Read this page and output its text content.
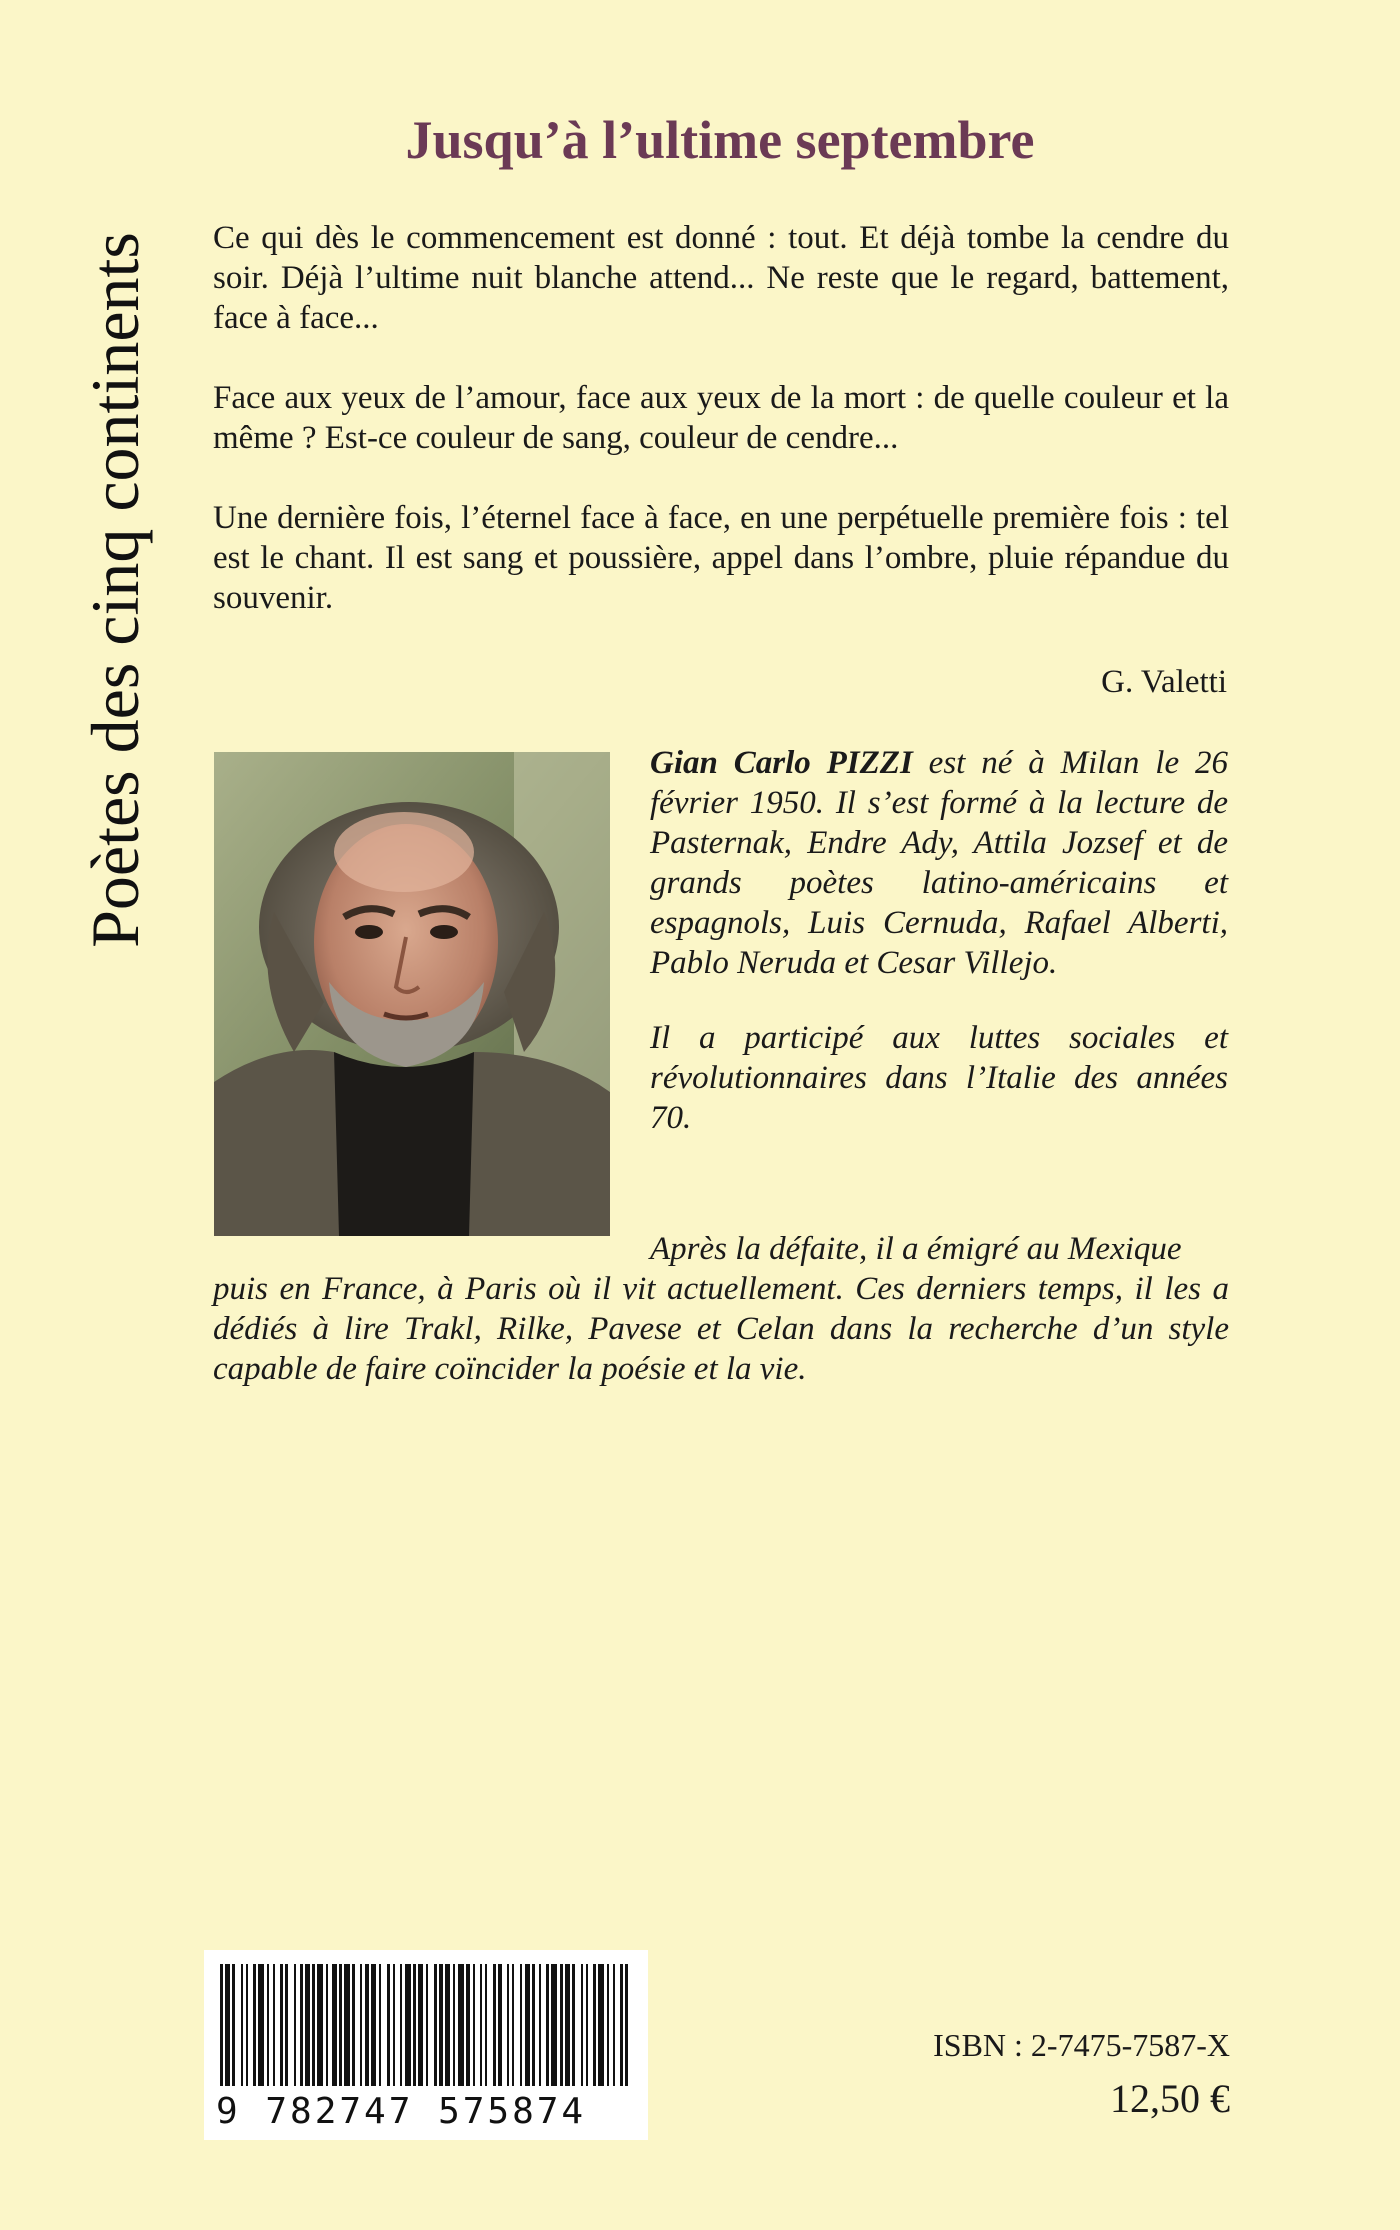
Poètes des cinq continents
Jusqu’à l’ultime septembre

Ce qui dès le commencement est donné : tout. Et déjà tombe la cendre du soir. Déjà l’ultime nuit blanche attend... Ne reste que le regard, battement, face à face...

Face aux yeux de l’amour, face aux yeux de la mort : de quelle couleur et la même ? Est-ce couleur de sang, couleur de cendre...

Une dernière fois, l’éternel face à face, en une perpétuelle première fois : tel est le chant. Il est sang et poussière, appel dans l’ombre, pluie répandue du souvenir.

G. Valetti

Gian Carlo PIZZI est né à Milan le 26 février 1950. Il s’est formé à la lecture de Pasternak, Endre Ady, Attila Jozsef et de grands poètes latino-américains et espagnols, Luis Cernuda, Rafael Alberti, Pablo Neruda et Cesar Villejo.

Il a participé aux luttes sociales et révolutionnaires dans l’Italie des années 70.

Après la défaite, il a émigré au Mexique
puis en France, à Paris où il vit actuellement. Ces derniers temps, il les a dédiés à lire Trakl, Rilke, Pavese et Celan dans la recherche d’un style capable de faire coïncider la poésie et la vie.
9 782747 575874
ISBN : 2-7475-7587-X
12,50 €
